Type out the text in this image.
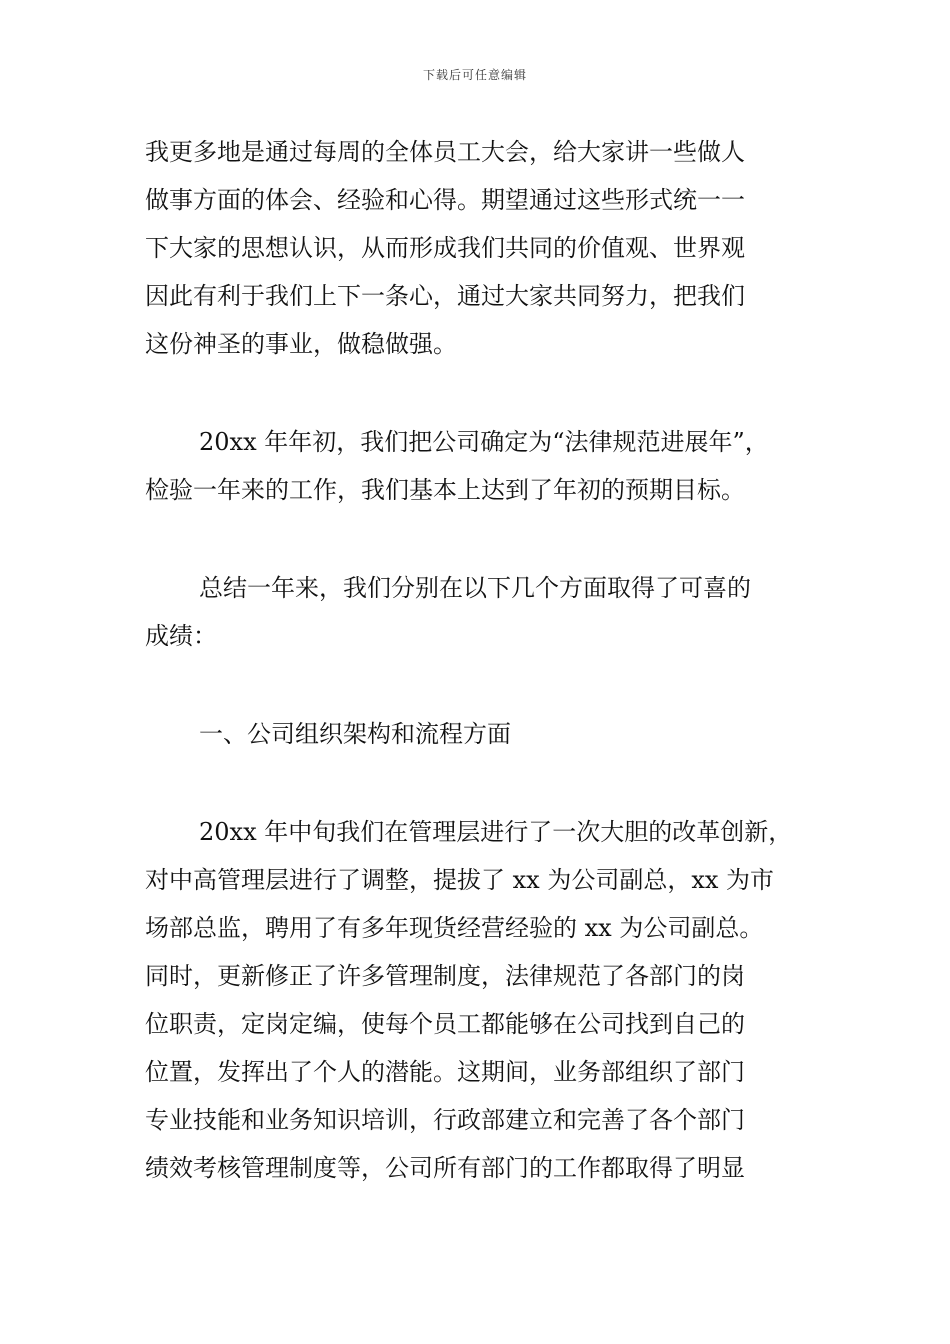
下载后可任意编辑
我更多地是通过每周的全体员工大会，给大家讲一些做人
做事方面的体会、经验和心得。期望通过这些形式统一一
下大家的思想认识，从而形成我们共同的价值观、世界观
因此有利于我们上下一条心，通过大家共同努力，把我们
这份神圣的事业，做稳做强。
20xx 年年初，我们把公司确定为“法律规范进展年”，
检验一年来的工作，我们基本上达到了年初的预期目标。
总结一年来，我们分别在以下几个方面取得了可喜的
成绩：
一、公司组织架构和流程方面
20xx 年中旬我们在管理层进行了一次大胆的改革创新，
对中高管理层进行了调整，提拔了 xx 为公司副总，xx 为市
场部总监，聘用了有多年现货经营经验的 xx 为公司副总。
同时，更新修正了许多管理制度，法律规范了各部门的岗
位职责，定岗定编，使每个员工都能够在公司找到自己的
位置，发挥出了个人的潜能。这期间，业务部组织了部门
专业技能和业务知识培训，行政部建立和完善了各个部门
绩效考核管理制度等，公司所有部门的工作都取得了明显
